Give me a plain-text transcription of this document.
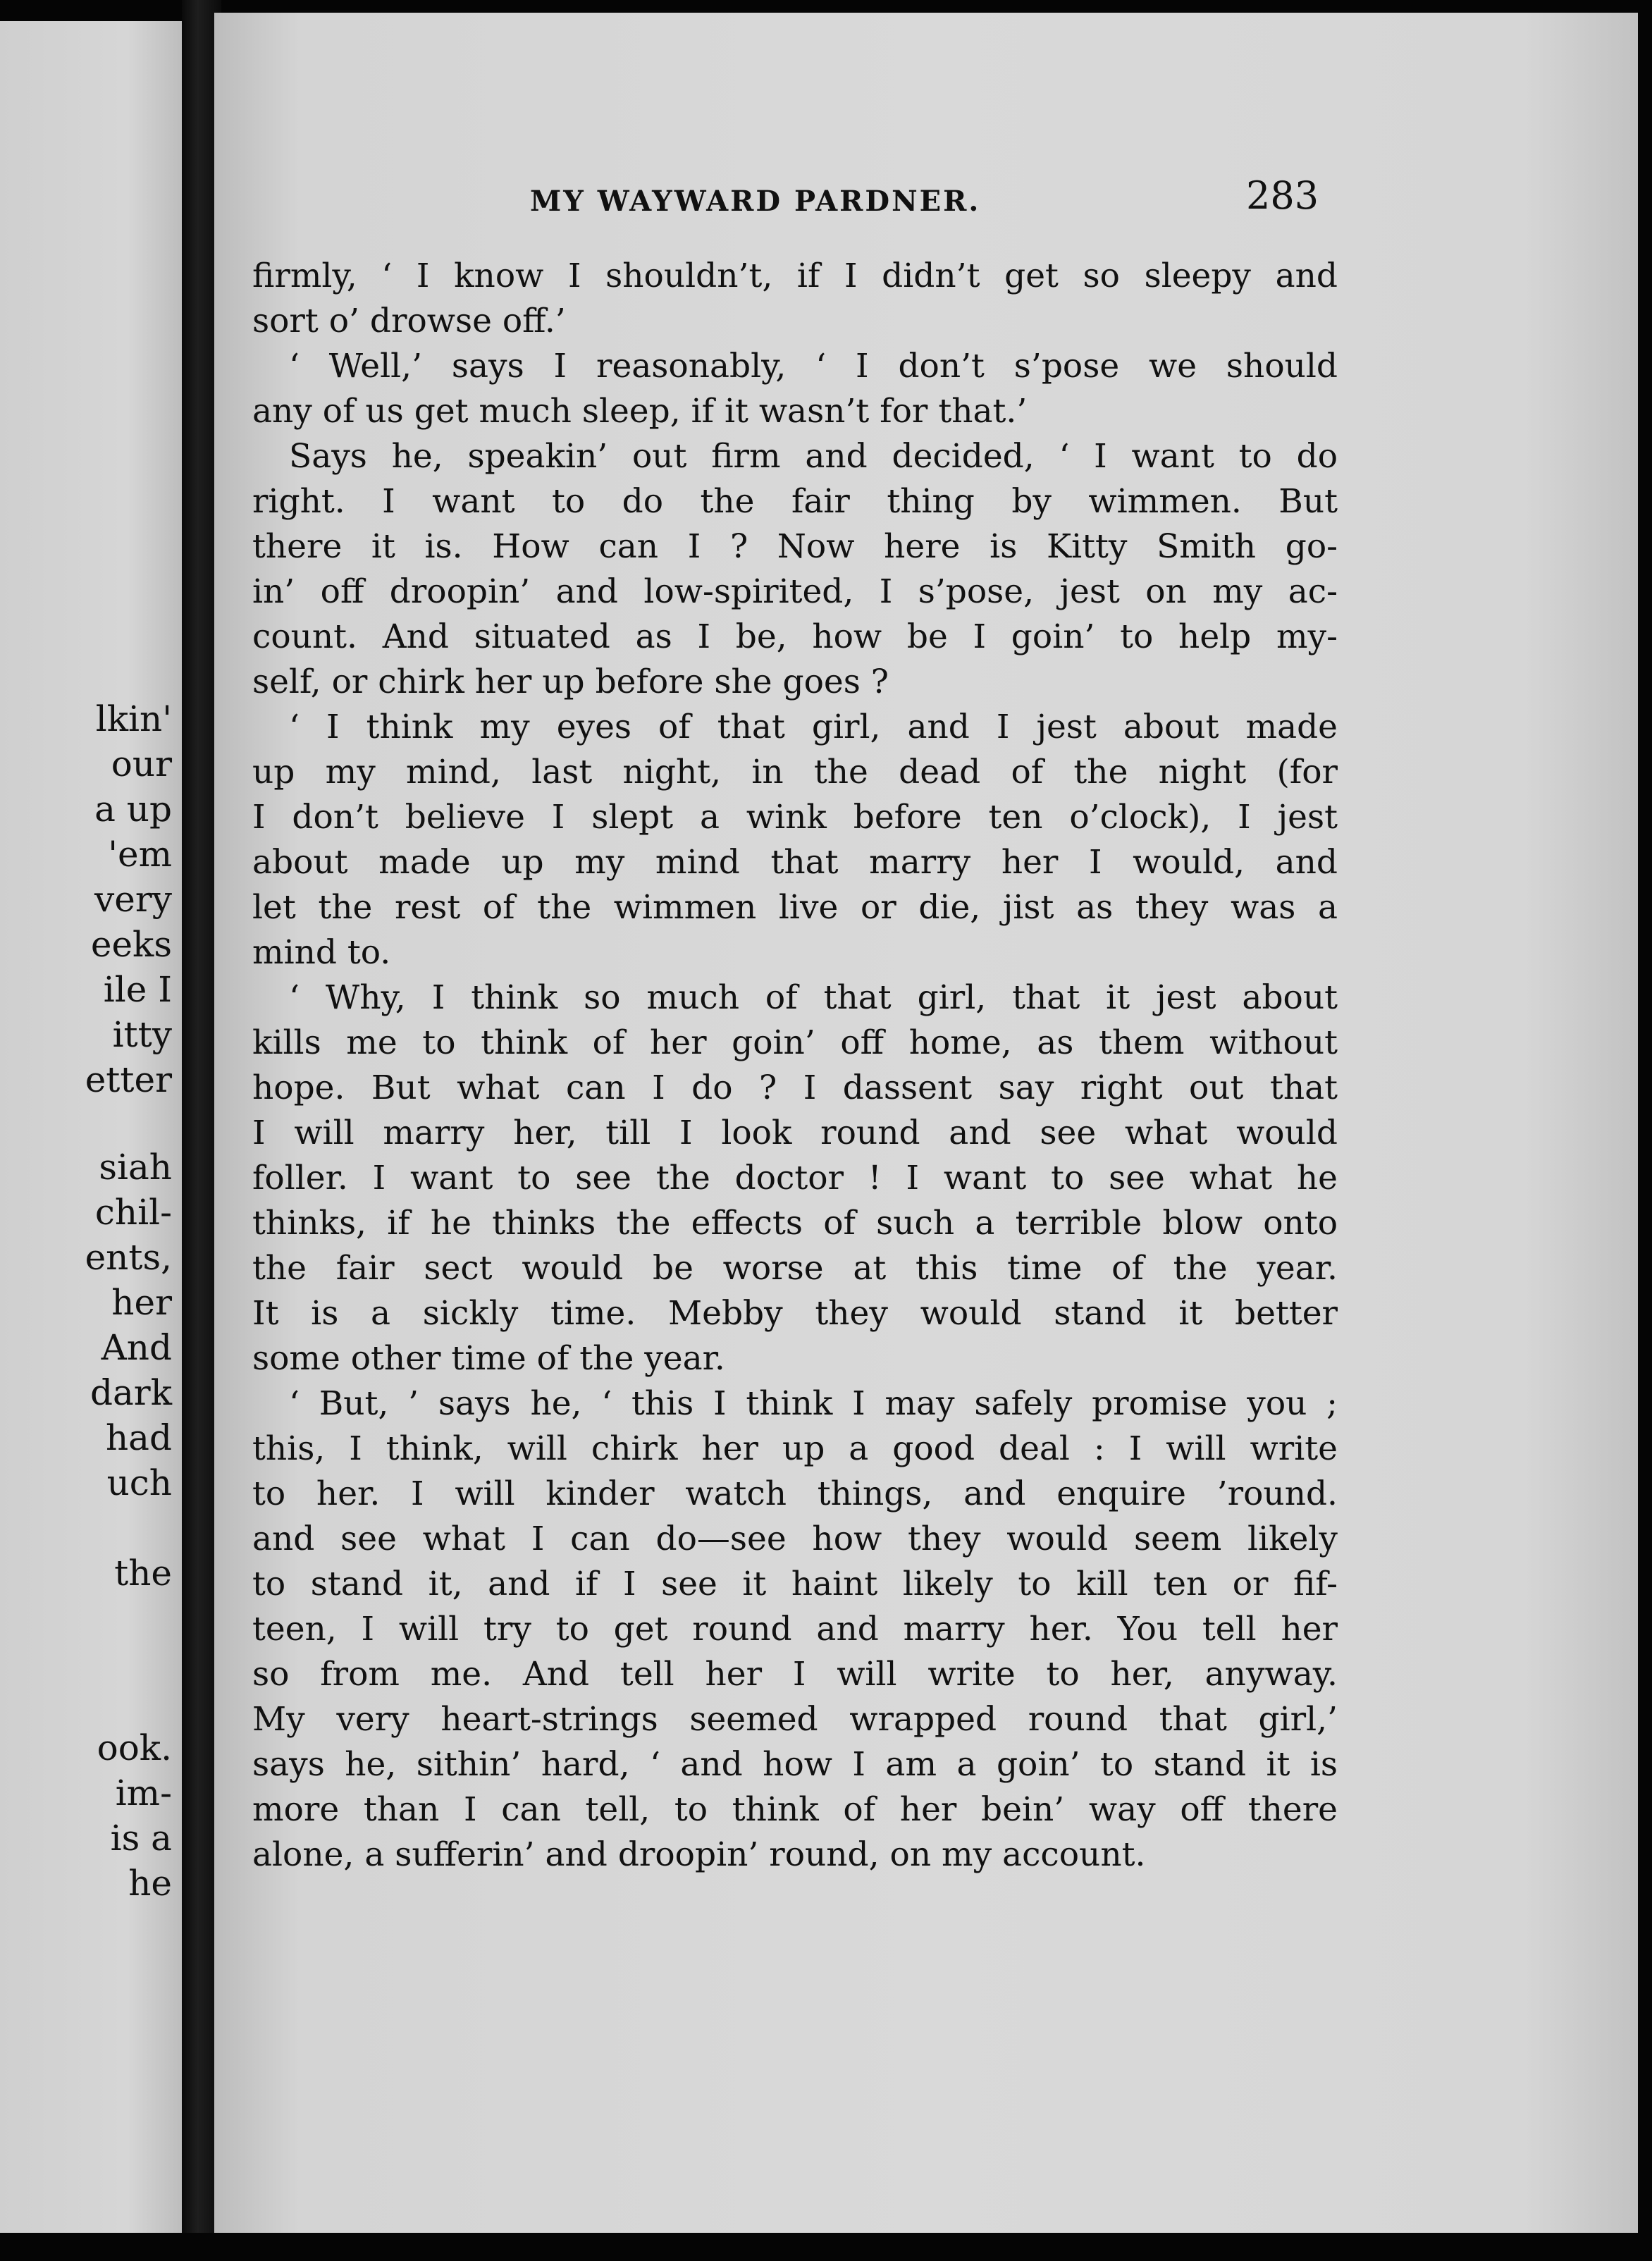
lkin'
our
a up
'em
very
eeks
ile I
itty
etter
siah
chil-
ents,
her
And
dark
had
uch
the
ook.
im-
is a
he
MY WAYWARD PARDNER.	283
firmly, ‘ I know I shouldn’t, if I didn’t get so sleepy and
sort o’ drowse off.’
‘ Well,’ says I reasonably, ‘ I don’t s’pose we should
any of us get much sleep, if it wasn’t for that.’
Says he, speakin’ out firm and decided, ‘ I want to do
right. I want to do the fair thing by wimmen. But
there it is. How can I ? Now here is Kitty Smith go-
in’ off droopin’ and low-spirited, I s’pose, jest on my ac-
count. And situated as I be, how be I goin’ to help my-
self, or chirk her up before she goes ?
‘ I think my eyes of that girl, and I jest about made
up my mind, last night, in the dead of the night (for
I don’t believe I slept a wink before ten o’clock), I jest
about made up my mind that marry her I would, and
let the rest of the wimmen live or die, jist as they was a
mind to.
‘ Why, I think so much of that girl, that it jest about
kills me to think of her goin’ off home, as them without
hope. But what can I do ? I dassent say right out that
I will marry her, till I look round and see what would
foller. I want to see the doctor ! I want to see what he
thinks, if he thinks the effects of such a terrible blow onto
the fair sect would be worse at this time of the year.
It is a sickly time. Mebby they would stand it better
some other time of the year.
‘ But, ’ says he, ‘ this I think I may safely promise you ;
this, I think, will chirk her up a good deal : I will write
to her. I will kinder watch things, and enquire ’round.
and see what I can do—see how they would seem likely
to stand it, and if I see it haint likely to kill ten or fif-
teen, I will try to get round and marry her. You tell her
so from me. And tell her I will write to her, anyway.
My very heart-strings seemed wrapped round that girl,’
says he, sithin’ hard, ‘ and how I am a goin’ to stand it is
more than I can tell, to think of her bein’ way off there
alone, a sufferin’ and droopin’ round, on my account.
